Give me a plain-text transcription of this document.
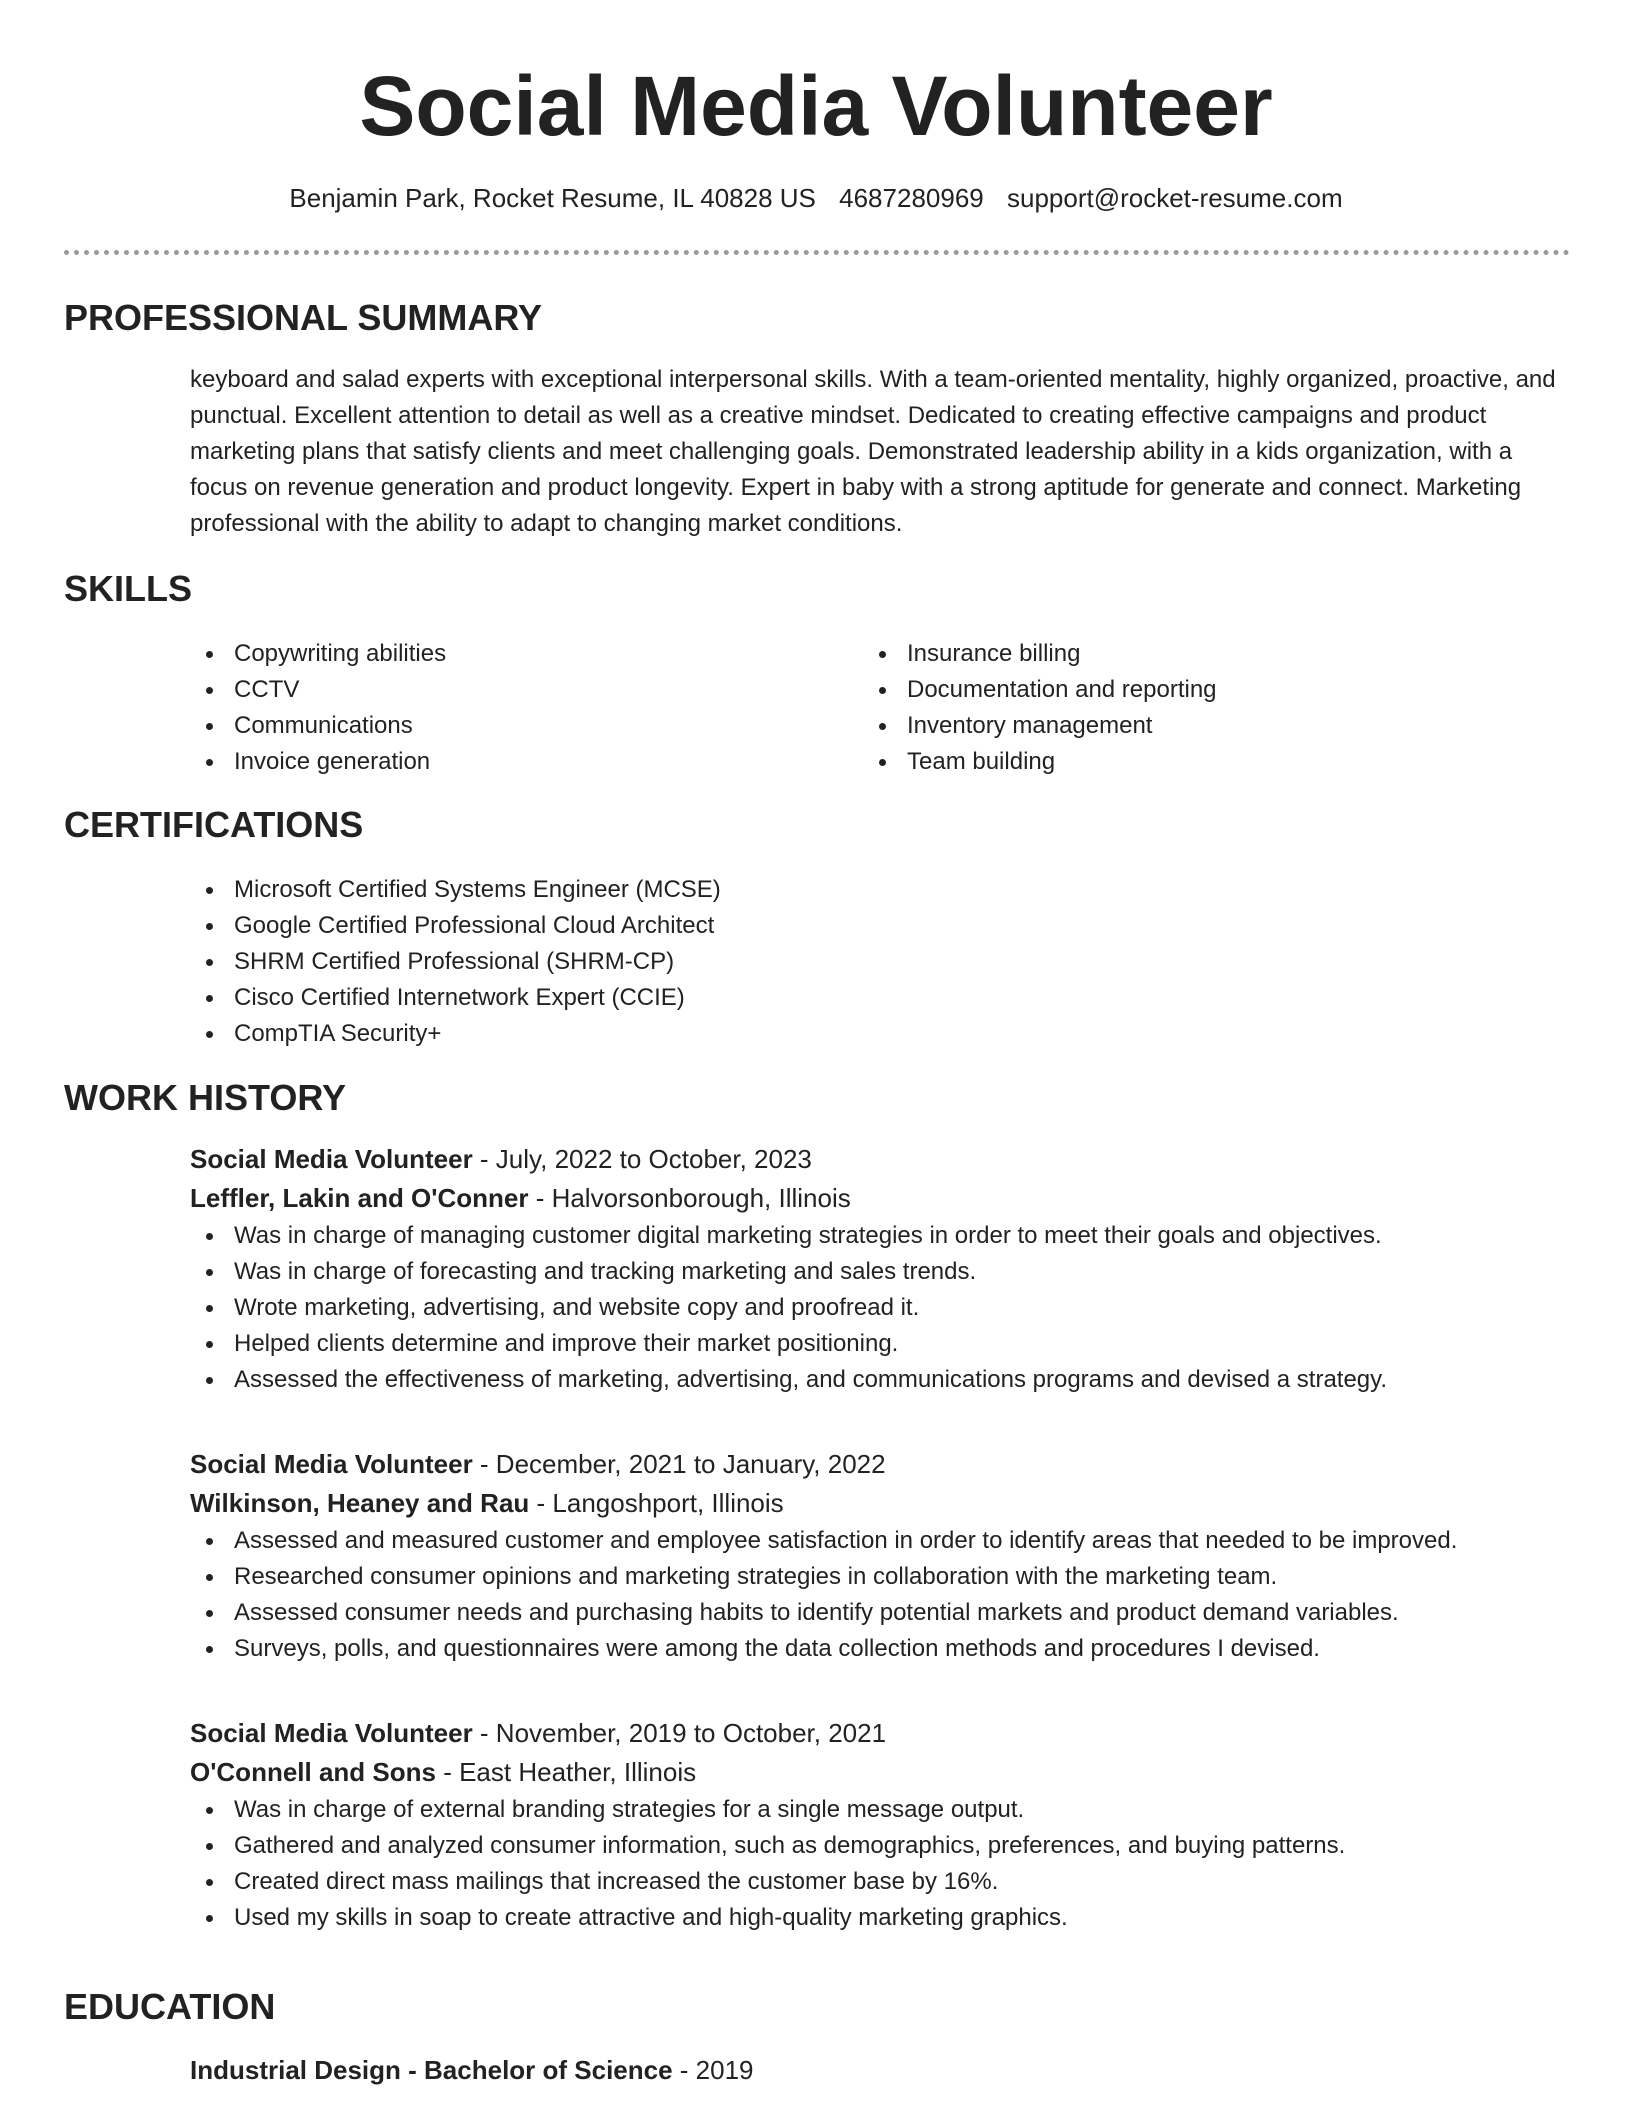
Social Media Volunteer
Benjamin Park, Rocket Resume, IL 40828 US 4687280969 support@rocket-resume.com
PROFESSIONAL SUMMARY

keyboard and salad experts with exceptional interpersonal skills. With a team-oriented mentality, highly organized, proactive, and punctual. Excellent attention to detail as well as a creative mindset. Dedicated to creating effective campaigns and product marketing plans that satisfy clients and meet challenging goals. Demonstrated leadership ability in a kids organization, with a focus on revenue generation and product longevity. Expert in baby with a strong aptitude for generate and connect. Marketing professional with the ability to adapt to changing market conditions.

SKILLS
Copywriting abilities
CCTV
Communications
Invoice generation
Insurance billing
Documentation and reporting
Inventory management
Team building
CERTIFICATIONS
Microsoft Certified Systems Engineer (MCSE)
Google Certified Professional Cloud Architect
SHRM Certified Professional (SHRM-CP)
Cisco Certified Internetwork Expert (CCIE)
CompTIA Security+
WORK HISTORY
Social Media Volunteer - July, 2022 to October, 2023
Leffler, Lakin and O'Conner - Halvorsonborough, Illinois
Was in charge of managing customer digital marketing strategies in order to meet their goals and objectives.
Was in charge of forecasting and tracking marketing and sales trends.
Wrote marketing, advertising, and website copy and proofread it.
Helped clients determine and improve their market positioning.
Assessed the effectiveness of marketing, advertising, and communications programs and devised a strategy.
Social Media Volunteer - December, 2021 to January, 2022
Wilkinson, Heaney and Rau - Langoshport, Illinois
Assessed and measured customer and employee satisfaction in order to identify areas that needed to be improved.
Researched consumer opinions and marketing strategies in collaboration with the marketing team.
Assessed consumer needs and purchasing habits to identify potential markets and product demand variables.
Surveys, polls, and questionnaires were among the data collection methods and procedures I devised.
Social Media Volunteer - November, 2019 to October, 2021
O'Connell and Sons - East Heather, Illinois
Was in charge of external branding strategies for a single message output.
Gathered and analyzed consumer information, such as demographics, preferences, and buying patterns.
Created direct mass mailings that increased the customer base by 16%.
Used my skills in soap to create attractive and high-quality marketing graphics.
EDUCATION
Industrial Design - Bachelor of Science - 2019
